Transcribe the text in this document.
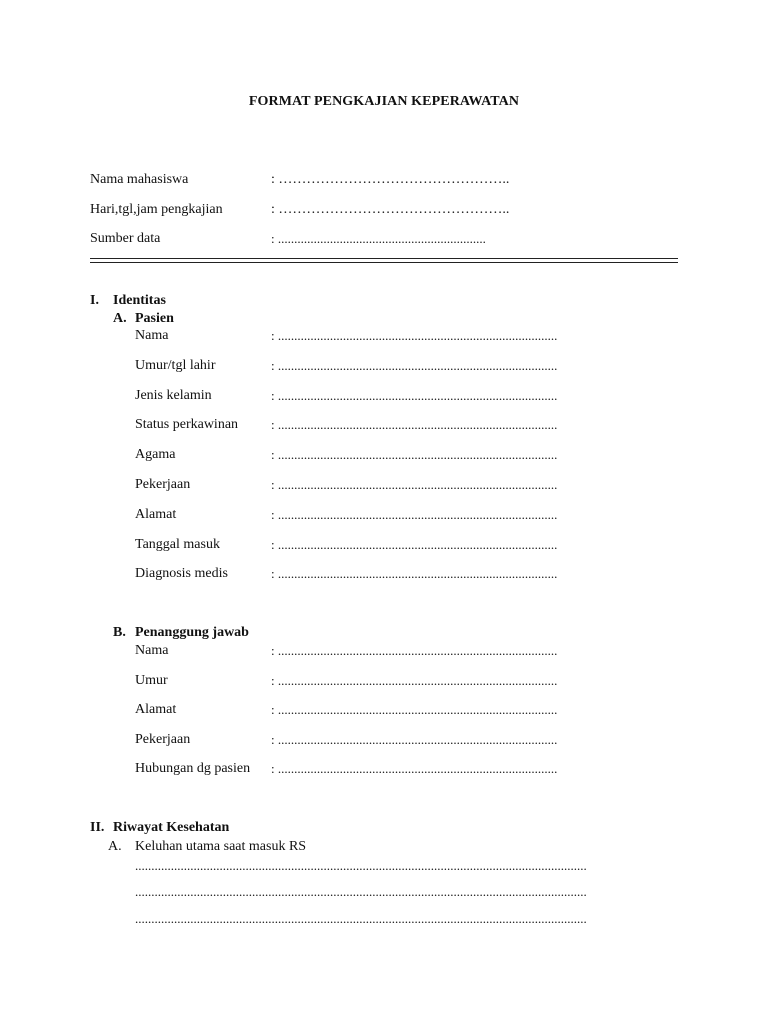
FORMAT PENGKAJIAN KEPERAWATAN
Nama mahasiswa	: …………………………………………..
Hari,tgl,jam pengkajian	: …………………………………………..
Sumber data	: ................................................................
I. Identitas
A. Pasien
Nama	: ......................................................................................
Umur/tgl lahir	: ......................................................................................
Jenis kelamin	: ......................................................................................
Status perkawinan	: ......................................................................................
Agama	: ......................................................................................
Pekerjaan	: ......................................................................................
Alamat	: ......................................................................................
Tanggal masuk	: ......................................................................................
Diagnosis medis	: ......................................................................................
B. Penanggung jawab
Nama	: ......................................................................................
Umur	: ......................................................................................
Alamat	: ......................................................................................
Pekerjaan	: ......................................................................................
Hubungan dg pasien : ......................................................................................
II. Riwayat Kesehatan
A. Keluhan utama saat masuk RS
...........................................................................................................................................
...........................................................................................................................................
...........................................................................................................................................
